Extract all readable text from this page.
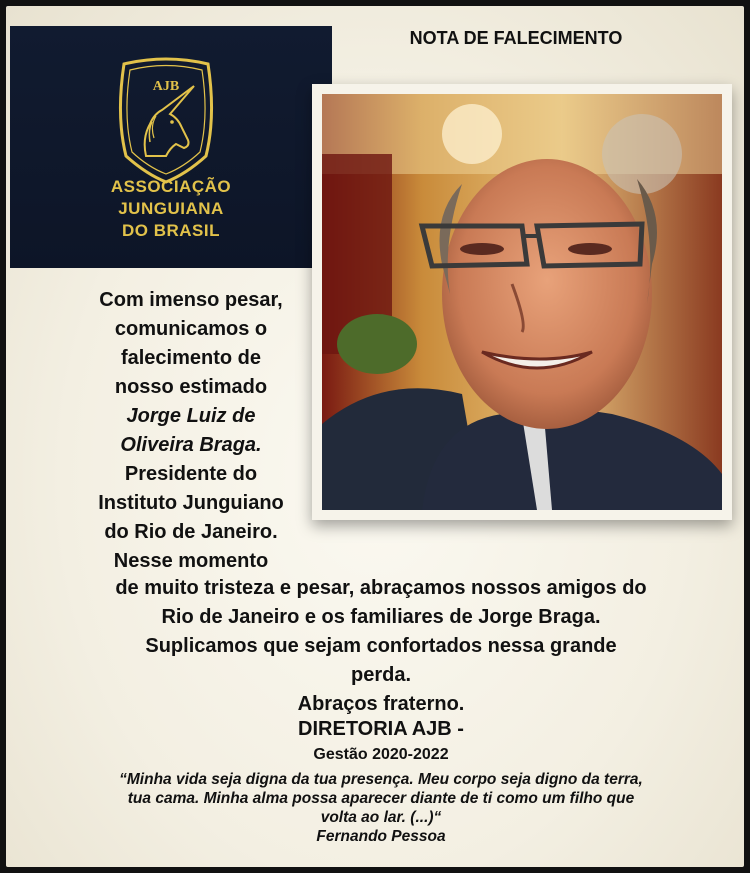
AJB
ASSOCIAÇÃO
JUNGUIANA
DO BRASIL
NOTA DE FALECIMENTO
Com imenso pesar,
comunicamos o
falecimento de
nosso estimado
Jorge Luiz de
Oliveira Braga.
Presidente do
Instituto Junguiano
do Rio de Janeiro.
Nesse momento
de muito tristeza e pesar, abraçamos nossos amigos do
Rio de Janeiro e os familiares de Jorge Braga.
Suplicamos que sejam confortados nessa grande
perda.
Abraços fraterno.
DIRETORIA AJB -
Gestão 2020-2022
“Minha vida seja digna da tua presença. Meu corpo seja digno da terra,
tua cama. Minha alma possa aparecer diante de ti como um filho que
volta ao lar. (...)“
Fernando Pessoa
